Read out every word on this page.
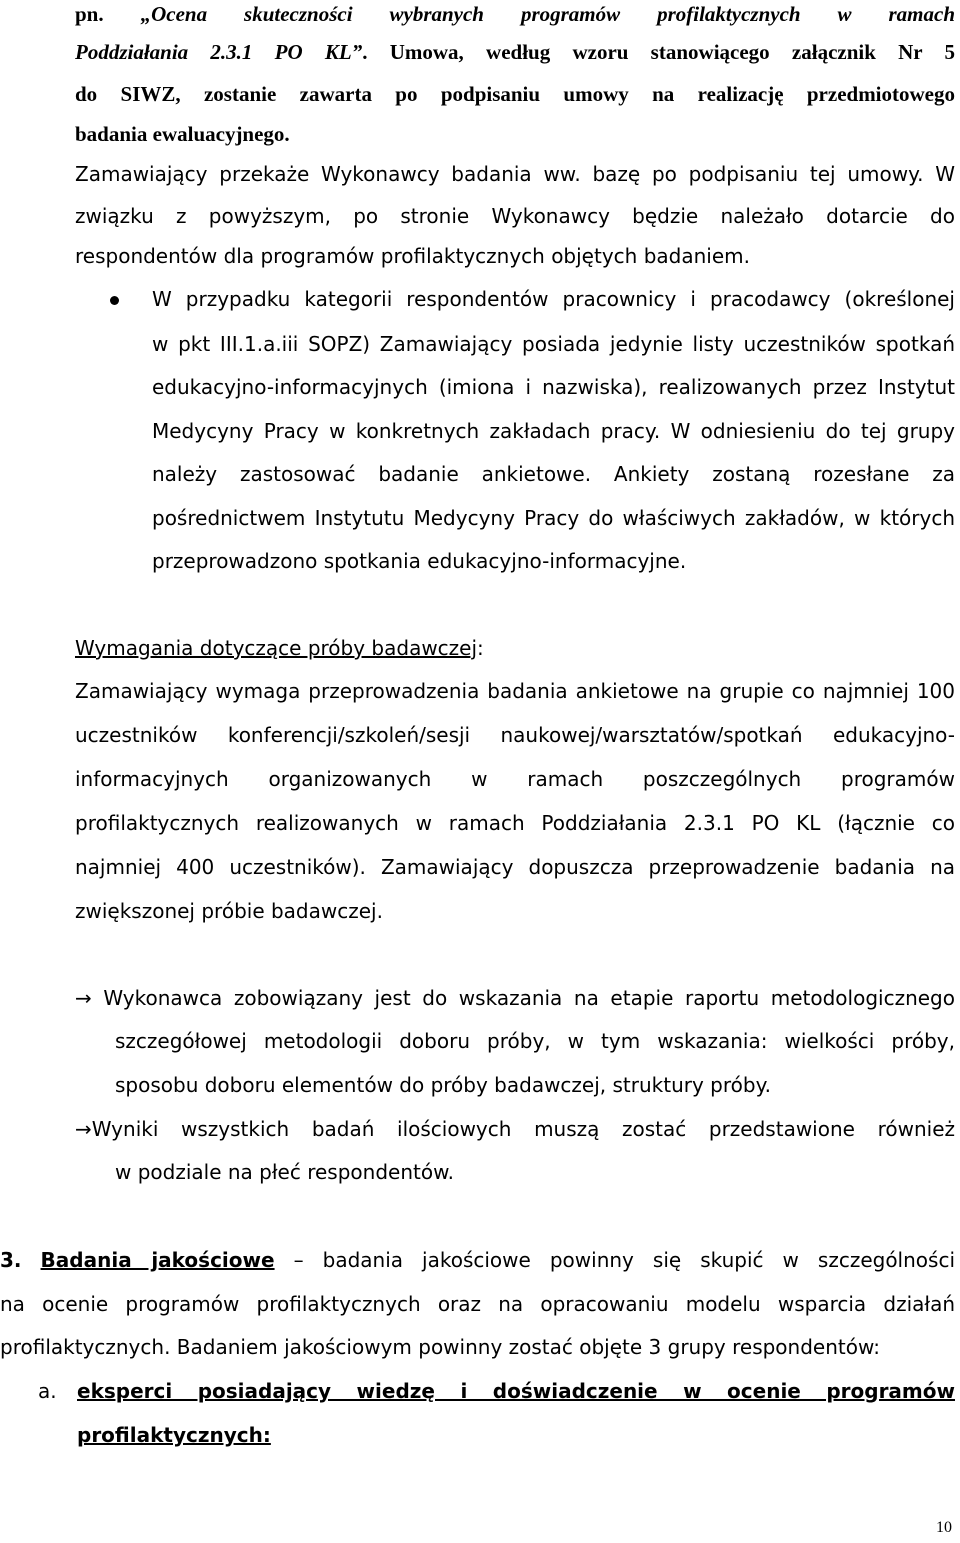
pn. „Ocena skuteczności wybranych programów profilaktycznych w ramach
Poddziałania 2.3.1 PO KL”. Umowa, według wzoru stanowiącego załącznik Nr 5
do SIWZ, zostanie zawarta po podpisaniu umowy na realizację przedmiotowego
badania ewaluacyjnego.
Zamawiający przekaże Wykonawcy badania ww. bazę po podpisaniu tej umowy. W
związku z powyższym, po stronie Wykonawcy będzie należało dotarcie do
respondentów dla programów profilaktycznych objętych badaniem.
W przypadku kategorii respondentów pracownicy i pracodawcy (określonej
w pkt III.1.a.iii SOPZ) Zamawiający posiada jedynie listy uczestników spotkań
edukacyjno-informacyjnych (imiona i nazwiska), realizowanych przez Instytut
Medycyny Pracy w konkretnych zakładach pracy. W odniesieniu do tej grupy
należy zastosować badanie ankietowe. Ankiety zostaną rozesłane za
pośrednictwem Instytutu Medycyny Pracy do właściwych zakładów, w których
przeprowadzono spotkania edukacyjno-informacyjne.
Wymagania dotyczące próby badawczej:
Zamawiający wymaga przeprowadzenia badania ankietowe na grupie co najmniej 100
uczestników konferencji/szkoleń/sesji naukowej/warsztatów/spotkań edukacyjno-
informacyjnych organizowanych w ramach poszczególnych programów
profilaktycznych realizowanych w ramach Poddziałania 2.3.1 PO KL (łącznie co
najmniej 400 uczestników). Zamawiający dopuszcza przeprowadzenie badania na
zwiększonej próbie badawczej.
→ Wykonawca zobowiązany jest do wskazania na etapie raportu metodologicznego
szczegółowej metodologii doboru próby, w tym wskazania: wielkości próby,
sposobu doboru elementów do próby badawczej, struktury próby.
→Wyniki wszystkich badań ilościowych muszą zostać przedstawione również
w podziale na płeć respondentów.
3. Badania jakościowe – badania jakościowe powinny się skupić w szczególności
na ocenie programów profilaktycznych oraz na opracowaniu modelu wsparcia działań
profilaktycznych. Badaniem jakościowym powinny zostać objęte 3 grupy respondentów:
a. eksperci posiadający wiedzę i doświadczenie w ocenie programów
profilaktycznych:
10
